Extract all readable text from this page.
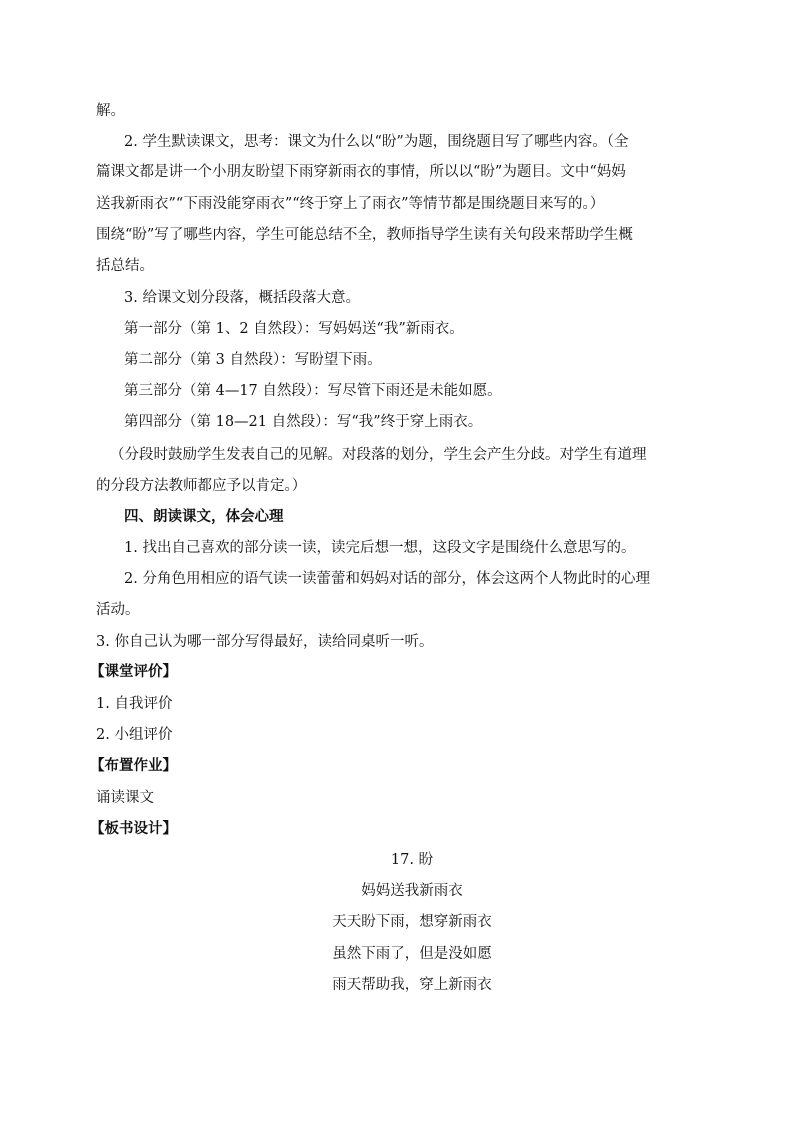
解。
2. 学生默读课文，思考：课文为什么以“盼”为题，围绕题目写了哪些内容。（全
篇课文都是讲一个小朋友盼望下雨穿新雨衣的事情，所以以“盼”为题目。文中“妈妈
送我新雨衣”“下雨没能穿雨衣”“终于穿上了雨衣”等情节都是围绕题目来写的。）
围绕“盼”写了哪些内容，学生可能总结不全，教师指导学生读有关句段来帮助学生概
括总结。
3. 给课文划分段落，概括段落大意。
第一部分（第 1、2 自然段）：写妈妈送“我”新雨衣。
第二部分（第 3 自然段）：写盼望下雨。
第三部分（第 4—17 自然段）：写尽管下雨还是未能如愿。
第四部分（第 18—21 自然段）：写“我”终于穿上雨衣。
（分段时鼓励学生发表自己的见解。对段落的划分，学生会产生分歧。对学生有道理
的分段方法教师都应予以肯定。）
四、朗读课文，体会心理
1. 找出自己喜欢的部分读一读，读完后想一想，这段文字是围绕什么意思写的。
2. 分角色用相应的语气读一读蕾蕾和妈妈对话的部分，体会这两个人物此时的心理
活动。
3. 你自己认为哪一部分写得最好，读给同桌听一听。
【课堂评价】
1. 自我评价
2. 小组评价
【布置作业】
诵读课文
【板书设计】
17. 盼
妈妈送我新雨衣
天天盼下雨，想穿新雨衣
虽然下雨了，但是没如愿
雨天帮助我，穿上新雨衣
